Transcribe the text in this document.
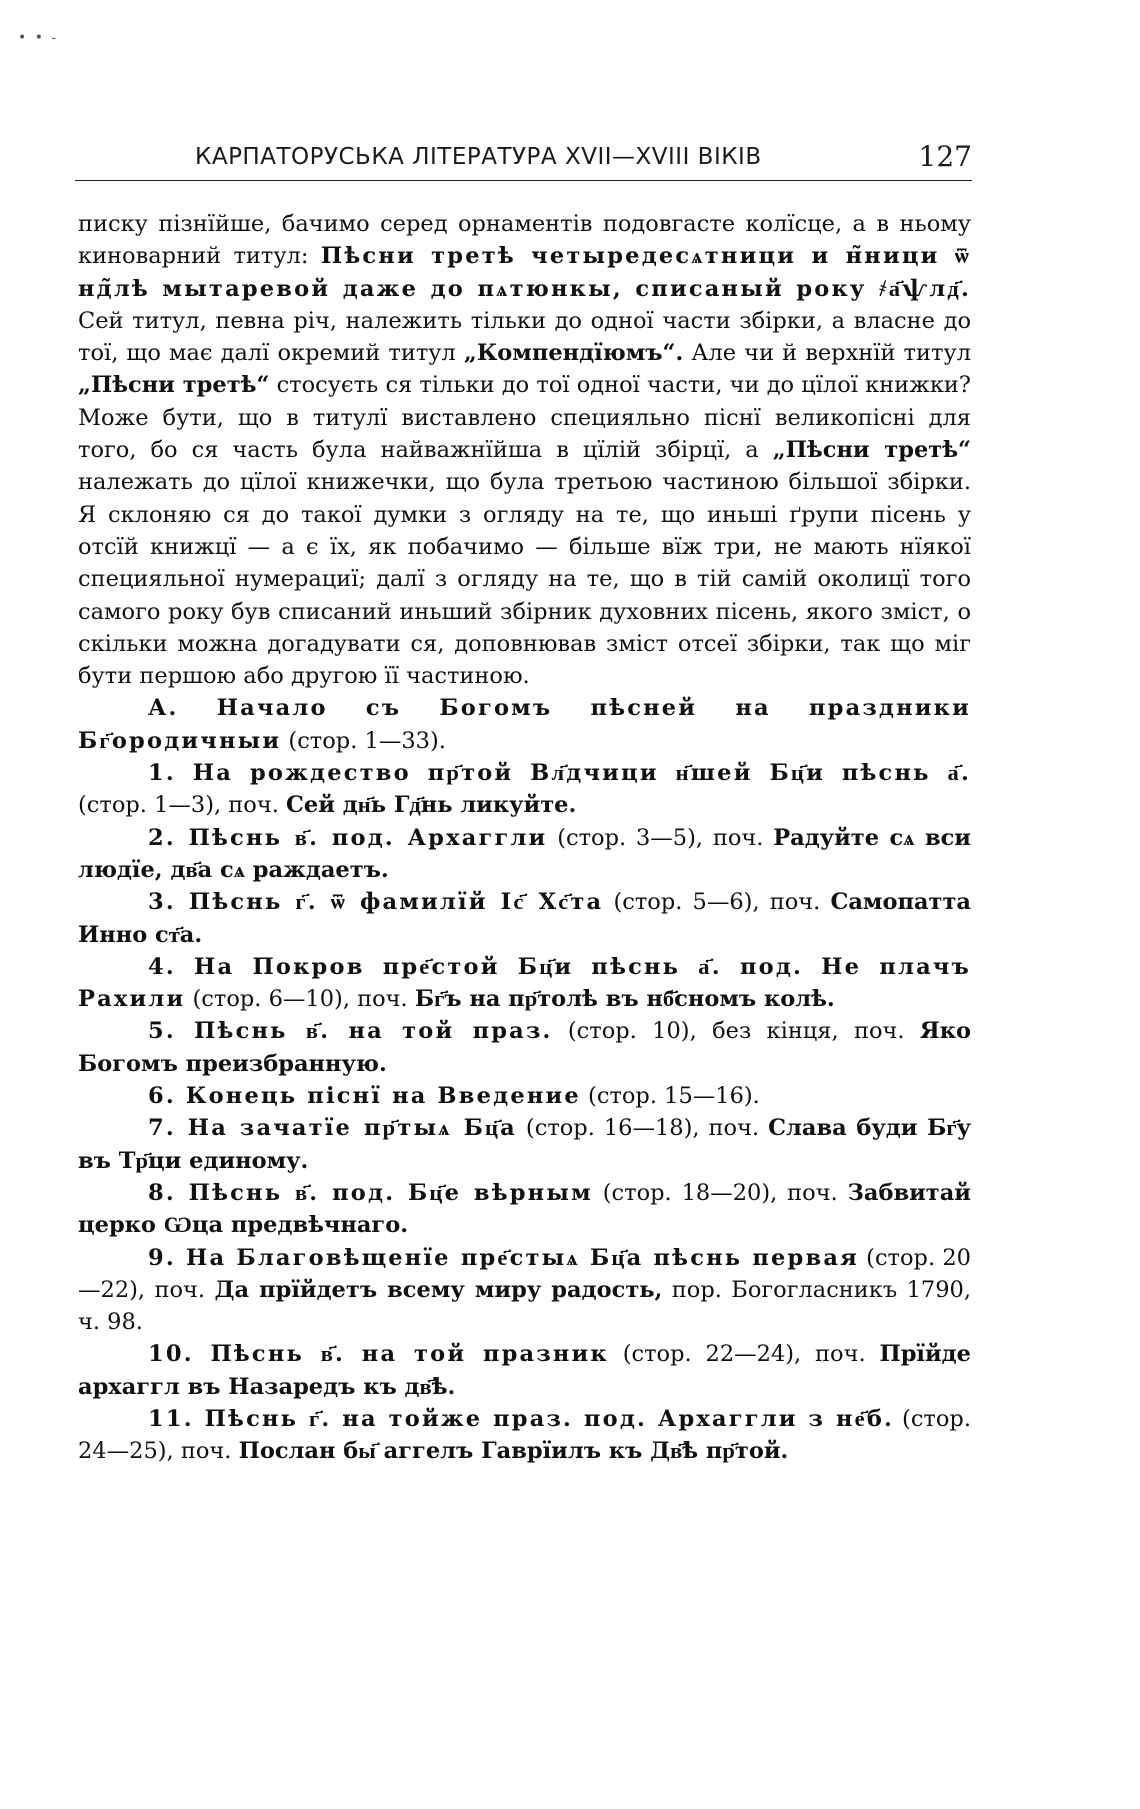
• • -
КАРПАТОРУСЬКА ЛІТЕРАТУРА XVII—XVIII ВІКІВ	127

писку пізнїйше, бачимо серед орнаментів подовгасте колїсце, а в ньому киноварний титул: Пѣсни третѣ четыредесѧтници и н̃ници ѿ нд̃лѣ мытаревой даже до пѧтюнкы, списаный року ҂а҃ѱлд҃. Сей титул, певна річ, належить тільки до одної части збірки, а власне до тої, що має далї окремий титул „Компендїюмъ“. Але чи й верхнїй титул „Пѣсни третѣ“ стосуєть ся тільки до тої одної части, чи до цїлої книжки? Може бути, що в титулї виставлено специяльно піснї великопісні для того, бо ся часть була найважнїйша в цїлій збірцї, а „Пѣсни третѣ“ належать до цїлої книжечки, що була третьою частиною більшої збірки. Я склоняю ся до такої думки з огляду на те, що иньші ґрупи пісень у отсїй книжцї — а є їх, як побачимо — більше вїж три, не мають нїякої специяльної нумерациї; далї з огляду на те, що в тій самій околицї того самого року був списаний иньший збірник духовних пісень, якого зміст, о скільки можна догадувати ся, доповнював зміст отсеї збірки, так що міг бути першою або другою її частиною.

А. Начало съ Богомъ пѣсней на праздники Бг҃ородичныи (стор. 1—33).

1. На рождество пр҃той Вл҃дчици н҃шей Бц҃и пѣснь а҃. (стор. 1—3), поч. Сей дн҃ь Гд҃нь ликуйте.

2. Пѣснь в҃. под. Архаггли (стор. 3—5), поч. Радуйте сѧ вси людїе, дв҃а сѧ раждаетъ.

3. Пѣснь г҃. ѿ фамилїй Іс҃ Хс҃та (стор. 5—6), поч. Самопатта Инно ст҃а.

4. На Покров пре҃стой Бц҃и пѣснь а҃. под. Не плачъ Рахили (стор. 6—10), поч. Бг҃ъ на пр҃толѣ въ нб҃сномъ колѣ.

5. Пѣснь в҃. на той праз. (стор. 10), без кінця, поч. Яко Богомъ преизбранную.

6. Конець піснї на Введение (стор. 15—16).

7. На зачатїе пр҃тыѧ Бц҃а (стор. 16—18), поч. Слава буди Бг҃у въ Тр҃ци единому.

8. Пѣснь в҃. под. Бц҃е вѣрным (стор. 18—20), поч. Забвитай церко Ѡца предвѣчнаго.

9. На Благовѣщенїе пре҃стыѧ Бц҃а пѣснь первая (стор. 20—22), поч. Да прїйдетъ всему миру радость, пор. Богогласникъ 1790, ч. 98.

10. Пѣснь в҃. на той празник (стор. 22—24), поч. Прїйде архаггл въ Назаредъ къ дв҃ѣ.

11. Пѣснь г҃. на тойже праз. под. Архаггли з не҃б. (стор. 24—25), поч. Послан бы҃ аггелъ Гаврїилъ къ Дв҃ѣ пр҃той.
